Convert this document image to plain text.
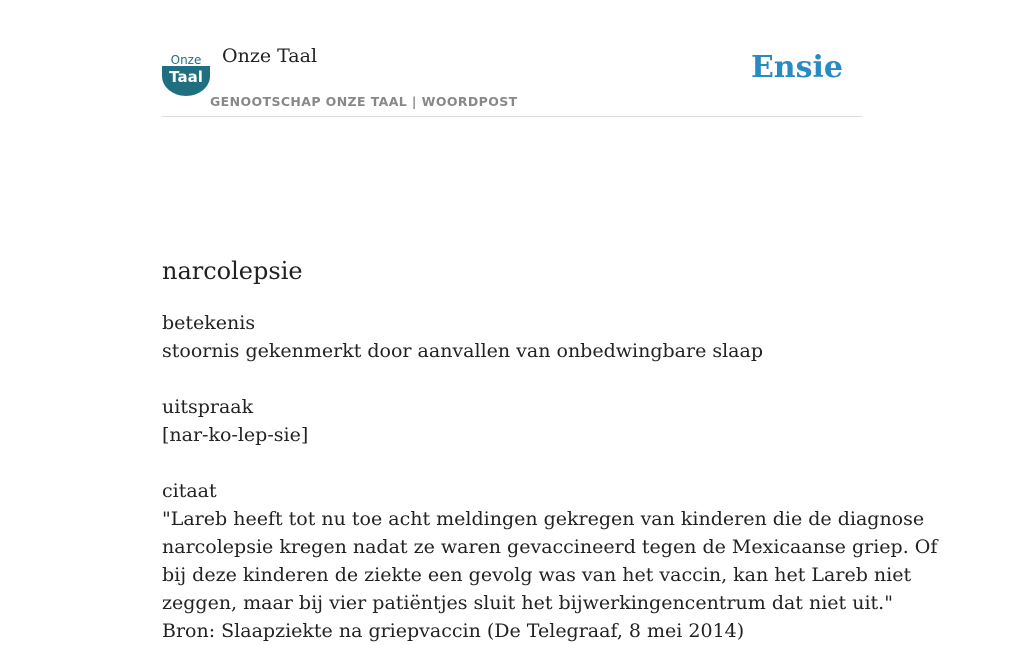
Onze
Taal
Onze Taal
GENOOTSCHAP ONZE TAAL | WOORDPOST
Ensie
narcolepsie
betekenis
stoornis gekenmerkt door aanvallen van onbedwingbare slaap
uitspraak
[nar-ko-lep-sie]
citaat
"Lareb heeft tot nu toe acht meldingen gekregen van kinderen die de diagnose
narcolepsie kregen nadat ze waren gevaccineerd tegen de Mexicaanse griep. Of
bij deze kinderen de ziekte een gevolg was van het vaccin, kan het Lareb niet
zeggen, maar bij vier patiëntjes sluit het bijwerkingencentrum dat niet uit."
Bron: Slaapziekte na griepvaccin (De Telegraaf, 8 mei 2014)
